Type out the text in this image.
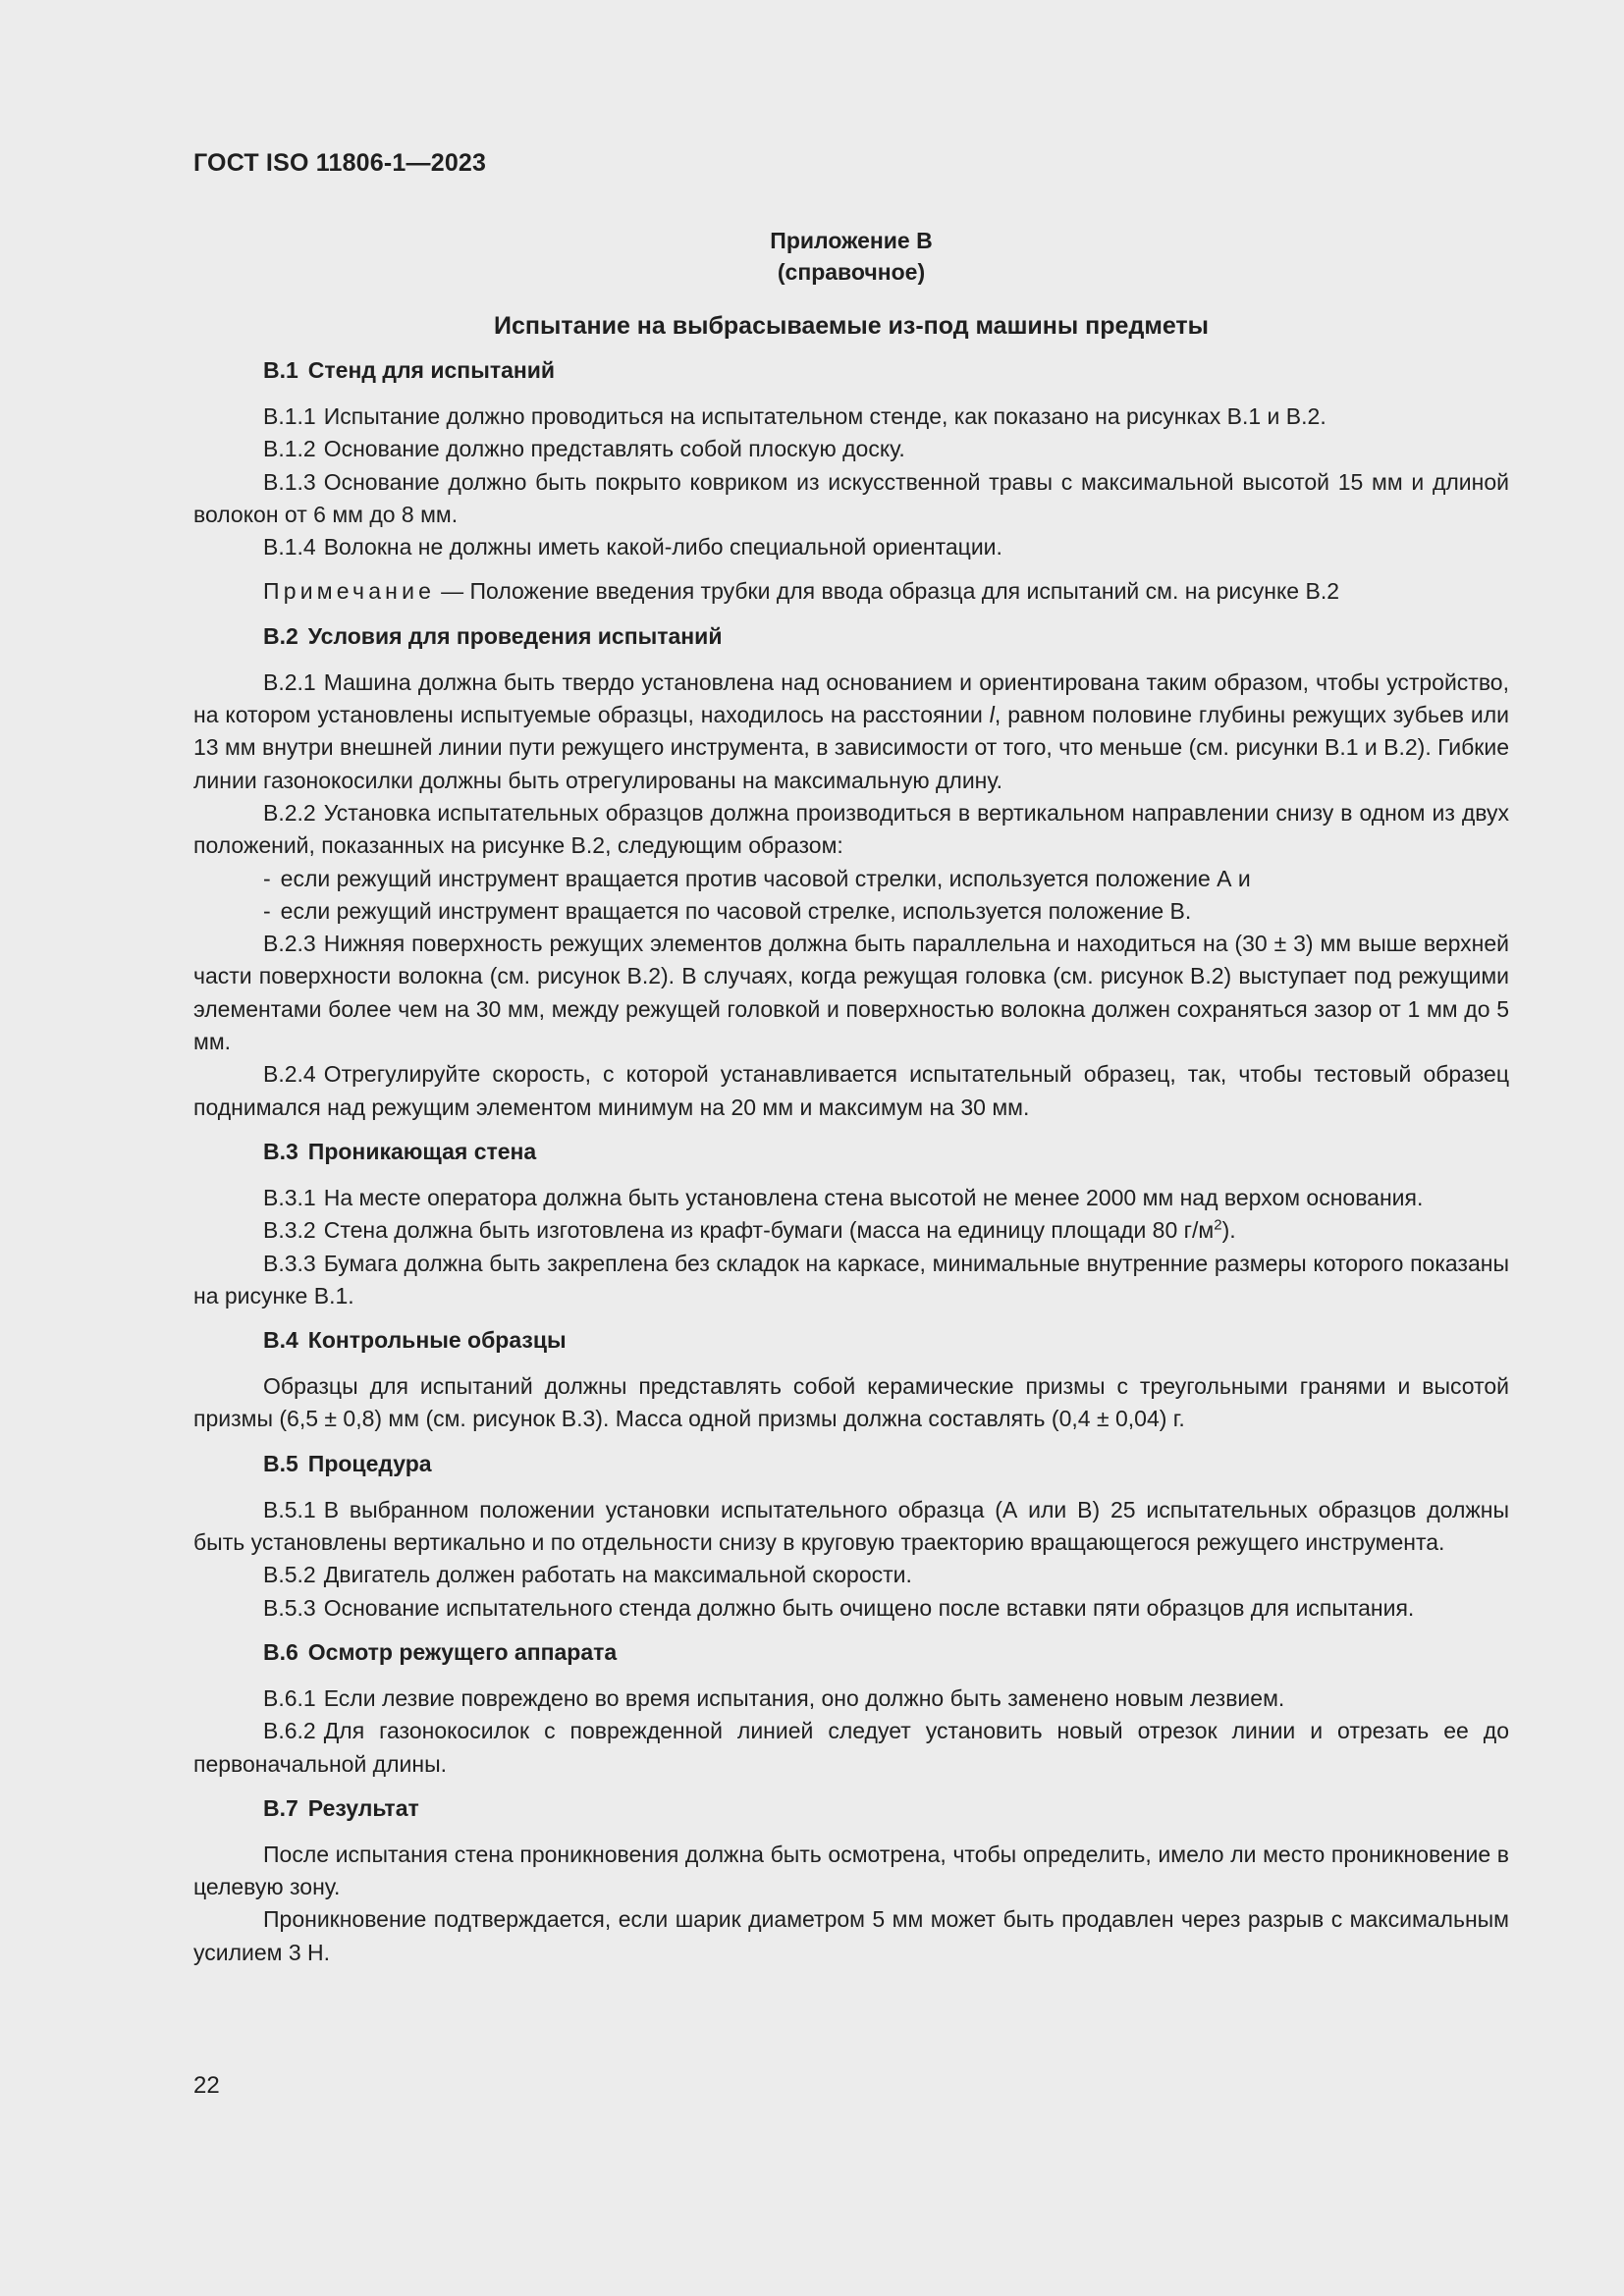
ГОСТ ISO 11806-1—2023
Приложение В
(справочное)
Испытание на выбрасываемые из-под машины предметы
В.1 Стенд для испытаний

В.1.1 Испытание должно проводиться на испытательном стенде, как показано на рисунках В.1 и В.2.

В.1.2 Основание должно представлять собой плоскую доску.

В.1.3 Основание должно быть покрыто ковриком из искусственной травы с максимальной высотой 15 мм и длиной волокон от 6 мм до 8 мм.

В.1.4 Волокна не должны иметь какой-либо специальной ориентации.

Примечание — Положение введения трубки для ввода образца для испытаний см. на рисунке В.2

В.2 Условия для проведения испытаний

В.2.1 Машина должна быть твердо установлена над основанием и ориентирована таким образом, чтобы устройство, на котором установлены испытуемые образцы, находилось на расстоянии l, равном половине глубины режущих зубьев или 13 мм внутри внешней линии пути режущего инструмента, в зависимости от того, что меньше (см. рисунки В.1 и В.2). Гибкие линии газонокосилки должны быть отрегулированы на максимальную длину.

В.2.2 Установка испытательных образцов должна производиться в вертикальном направлении снизу в одном из двух положений, показанных на рисунке В.2, следующим образом:

- если режущий инструмент вращается против часовой стрелки, используется положение А и
- если режущий инструмент вращается по часовой стрелке, используется положение В.

В.2.3 Нижняя поверхность режущих элементов должна быть параллельна и находиться на (30 ± 3) мм выше верхней части поверхности волокна (см. рисунок В.2). В случаях, когда режущая головка (см. рисунок В.2) выступает под режущими элементами более чем на 30 мм, между режущей головкой и поверхностью волокна должен сохраняться зазор от 1 мм до 5 мм.

В.2.4 Отрегулируйте скорость, с которой устанавливается испытательный образец, так, чтобы тестовый образец поднимался над режущим элементом минимум на 20 мм и максимум на 30 мм.

В.3 Проникающая стена

В.3.1 На месте оператора должна быть установлена стена высотой не менее 2000 мм над верхом основания.

В.3.2 Стена должна быть изготовлена из крафт-бумаги (масса на единицу площади 80 $г/м^2$).

В.3.3 Бумага должна быть закреплена без складок на каркасе, минимальные внутренние размеры которого показаны на рисунке В.1.

В.4 Контрольные образцы

Образцы для испытаний должны представлять собой керамические призмы с треугольными гранями и высотой призмы (6,5 ± 0,8) мм (см. рисунок В.3). Масса одной призмы должна составлять (0,4 ± 0,04) г.

В.5 Процедура

В.5.1 В выбранном положении установки испытательного образца (А или В) 25 испытательных образцов должны быть установлены вертикально и по отдельности снизу в круговую траекторию вращающегося режущего инструмента.

В.5.2 Двигатель должен работать на максимальной скорости.

В.5.3 Основание испытательного стенда должно быть очищено после вставки пяти образцов для испытания.

В.6 Осмотр режущего аппарата

В.6.1 Если лезвие повреждено во время испытания, оно должно быть заменено новым лезвием.

В.6.2 Для газонокосилок с поврежденной линией следует установить новый отрезок линии и отрезать ее до первоначальной длины.

В.7 Результат

После испытания стена проникновения должна быть осмотрена, чтобы определить, имело ли место проникновение в целевую зону.

Проникновение подтверждается, если шарик диаметром 5 мм может быть продавлен через разрыв с максимальным усилием 3 Н.

22
